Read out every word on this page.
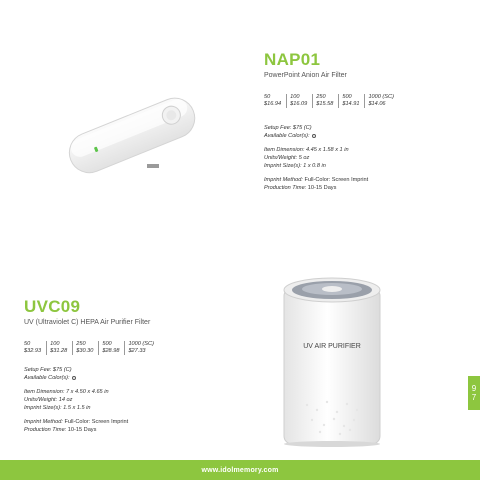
NAP01
PowerPoint Anion Air Filter
50
$16.94
100
$16.09
250
$15.58
500
$14.91
1000 (SC)
$14.06
Setup Fee: $75 (C)
Available Color(s):
Item Dimension: 4.45 x 1.58 x 1 in
Units/Weight: 5 oz
Imprint Size(s): 1 x 0.8 in
Imprint Method: Full-Color: Screen Imprint
Production Time: 10-15 Days
UVC09
UV (Ultraviolet C) HEPA Air Purifier Filter
50
$32.93
100
$31.28
250
$30.30
500
$28.98
1000 (SC)
$27.33
Setup Fee: $75 (C)
Available Color(s):
Item Dimension: 7 x 4.50 x 4.65 in
Units/Weight: 14 oz
Imprint Size(s): 1.5 x 1.5 in
Imprint Method: Full-Color: Screen Imprint
Production Time: 10-15 Days
UV AIR PURIFIER
9
7
www.idolmemory.com
